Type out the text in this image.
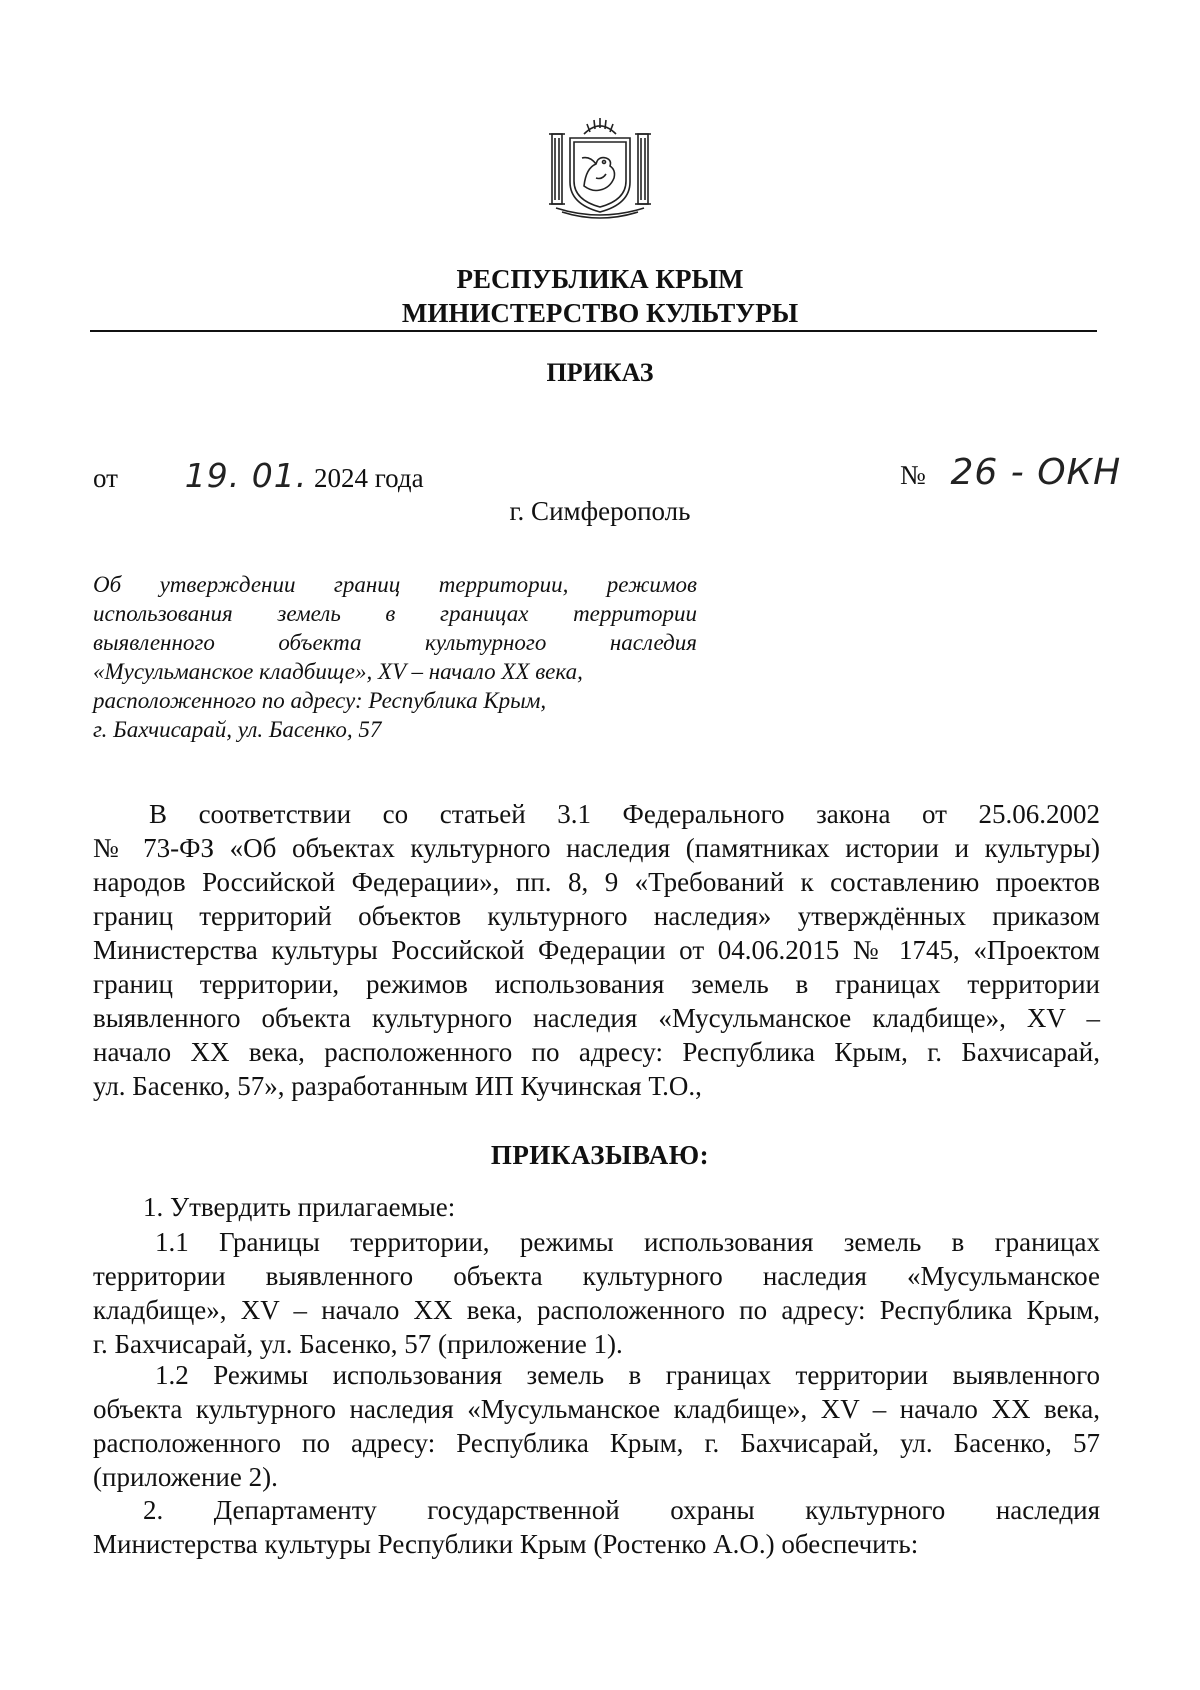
РЕСПУБЛИКА КРЫМ
МИНИСТЕРСТВО КУЛЬТУРЫ
ПРИКАЗ
от 19. 01. 2024 года	№ 26 - ОКН
г. Симферополь
Об утверждении границ территории, режимов
использования земель в границах территории
выявленного объекта культурного наследия
«Мусульманское кладбище», XV – начало XX века,
расположенного по адресу: Республика Крым,
г. Бахчисарай, ул. Басенко, 57
В соответствии со статьей 3.1 Федерального закона от 25.06.2002
№ 73-ФЗ «Об объектах культурного наследия (памятниках истории и культуры)
народов Российской Федерации», пп. 8, 9 «Требований к составлению проектов
границ территорий объектов культурного наследия» утверждённых приказом
Министерства культуры Российской Федерации от 04.06.2015 № 1745, «Проектом
границ территории, режимов использования земель в границах территории
выявленного объекта культурного наследия «Мусульманское кладбище», XV –
начало XX века, расположенного по адресу: Республика Крым, г. Бахчисарай,
ул. Басенко, 57», разработанным ИП Кучинская Т.О.,
ПРИКАЗЫВАЮ:
1. Утвердить прилагаемые:
1.1 Границы территории, режимы использования земель в границах
территории выявленного объекта культурного наследия «Мусульманское
кладбище», XV – начало XX века, расположенного по адресу: Республика Крым,
г. Бахчисарай, ул. Басенко, 57 (приложение 1).
1.2 Режимы использования земель в границах территории выявленного
объекта культурного наследия «Мусульманское кладбище», XV – начало XX века,
расположенного по адресу: Республика Крым, г. Бахчисарай, ул. Басенко, 57
(приложение 2).
2. Департаменту государственной охраны культурного наследия
Министерства культуры Республики Крым (Ростенко А.О.) обеспечить:
